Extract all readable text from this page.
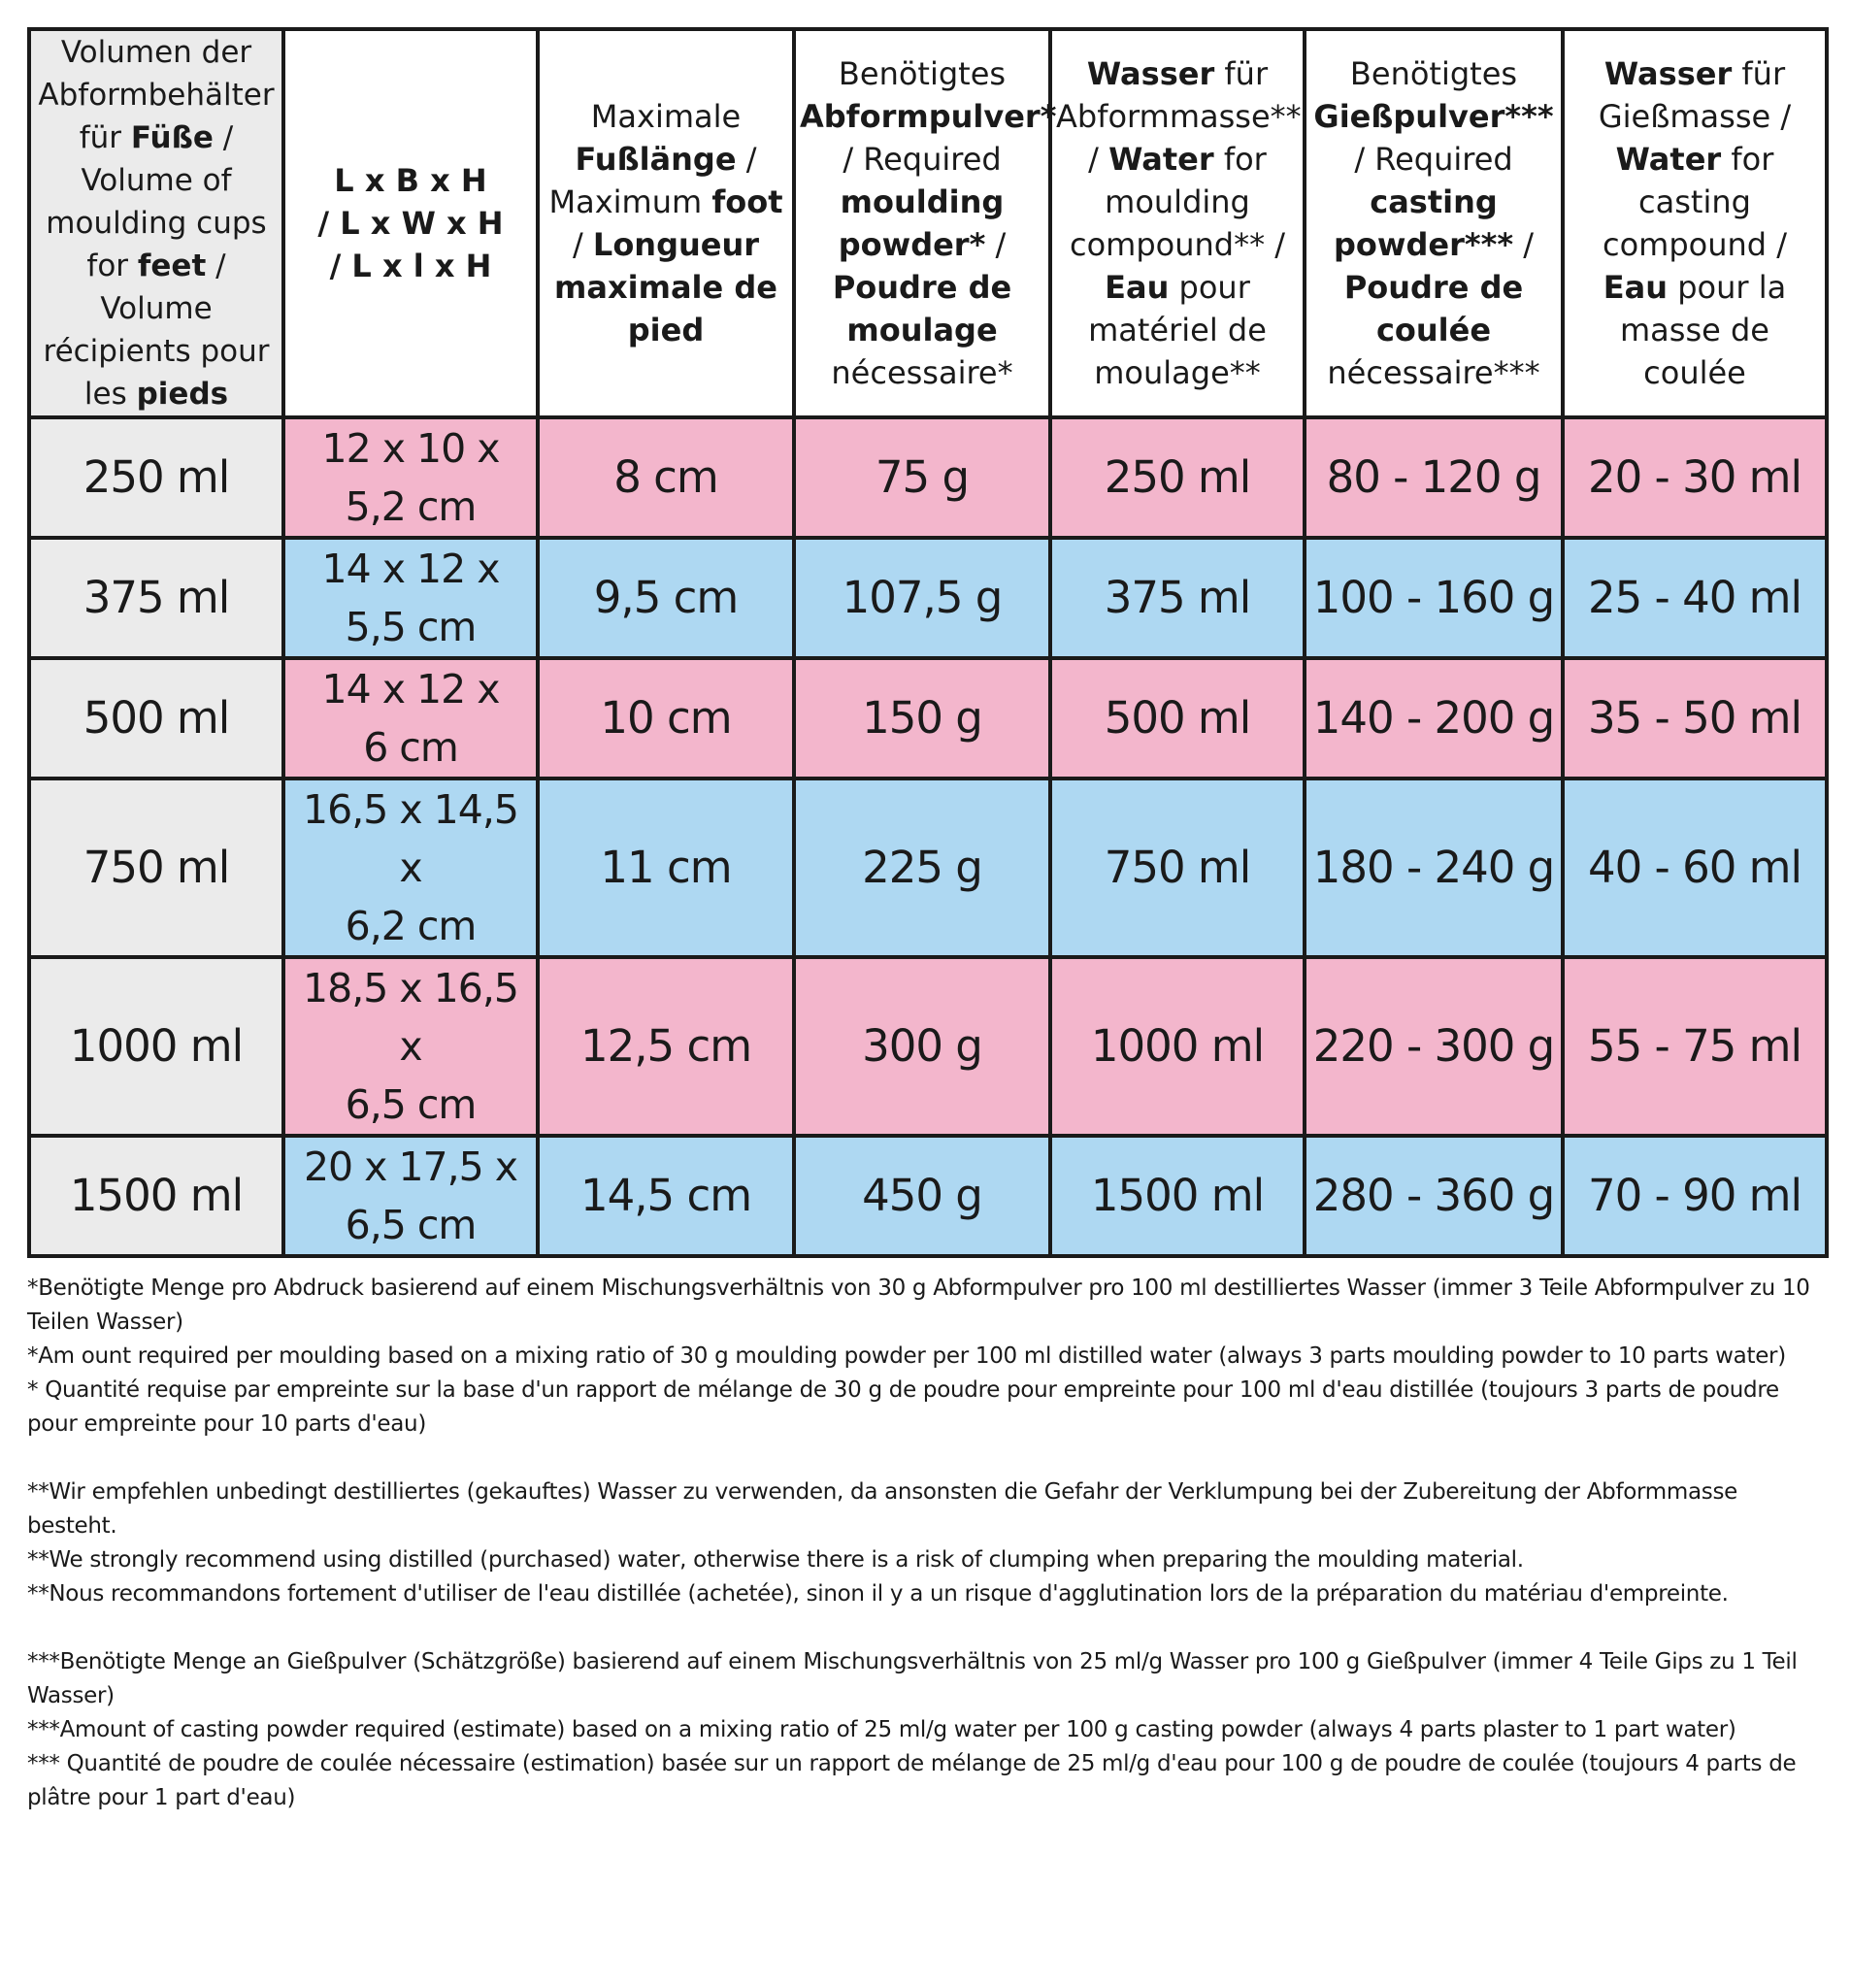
Volumen der Abformbehälter für Füße / Volume of moulding cups for feet / Volume récipients pour les pieds	L x B x H
/ L x W x H
/ L x l x H	Maximale Fußlänge / Maximum foot / Longueur maximale de pied	Benötigtes Abformpulver* / Required moulding powder* / Poudre de moulage nécessaire*	Wasser für Abformmasse** / Water for moulding compound** / Eau pour matériel de moulage**	Benötigtes Gießpulver*** / Required casting powder*** / Poudre de coulée nécessaire***	Wasser für Gießmasse / Water for casting compound / Eau pour la masse de coulée
250 ml	12 x 10 x
5,2 cm	8 cm	75 g	250 ml	80 - 120 g	20 - 30 ml
375 ml	14 x 12 x
5,5 cm	9,5 cm	107,5 g	375 ml	100 - 160 g	25 - 40 ml
500 ml	14 x 12 x
6 cm	10 cm	150 g	500 ml	140 - 200 g	35 - 50 ml
750 ml	16,5 x 14,5 x
6,2 cm	11 cm	225 g	750 ml	180 - 240 g	40 - 60 ml
1000 ml	18,5 x 16,5 x
6,5 cm	12,5 cm	300 g	1000 ml	220 - 300 g	55 - 75 ml
1500 ml	20 x 17,5 x
6,5 cm	14,5 cm	450 g	1500 ml	280 - 360 g	70 - 90 ml
*Benötigte Menge pro Abdruck basierend auf einem Mischungsverhältnis von 30 g Abformpulver pro 100 ml destilliertes Wasser (immer 3 Teile Abformpulver zu 10 Teilen Wasser)
*Am ount required per moulding based on a mixing ratio of 30 g moulding powder per 100 ml distilled water (always 3 parts moulding powder to 10 parts water)
* Quantité requise par empreinte sur la base d'un rapport de mélange de 30 g de poudre pour empreinte pour 100 ml d'eau distillée (toujours 3 parts de poudre pour empreinte pour 10 parts d'eau)
**Wir empfehlen unbedingt destilliertes (gekauftes) Wasser zu verwenden, da ansonsten die Gefahr der Verklumpung bei der Zubereitung der Abformmasse besteht.
**We strongly recommend using distilled (purchased) water, otherwise there is a risk of clumping when preparing the moulding material.
**Nous recommandons fortement d'utiliser de l'eau distillée (achetée), sinon il y a un risque d'agglutination lors de la préparation du matériau d'empreinte.
***Benötigte Menge an Gießpulver (Schätzgröße) basierend auf einem Mischungsverhältnis von 25 ml/g Wasser pro 100 g Gießpulver (immer 4 Teile Gips zu 1 Teil Wasser)
***Amount of casting powder required (estimate) based on a mixing ratio of 25 ml/g water per 100 g casting powder (always 4 parts plaster to 1 part water)
*** Quantité de poudre de coulée nécessaire (estimation) basée sur un rapport de mélange de 25 ml/g d'eau pour 100 g de poudre de coulée (toujours 4 parts de plâtre pour 1 part d'eau)
